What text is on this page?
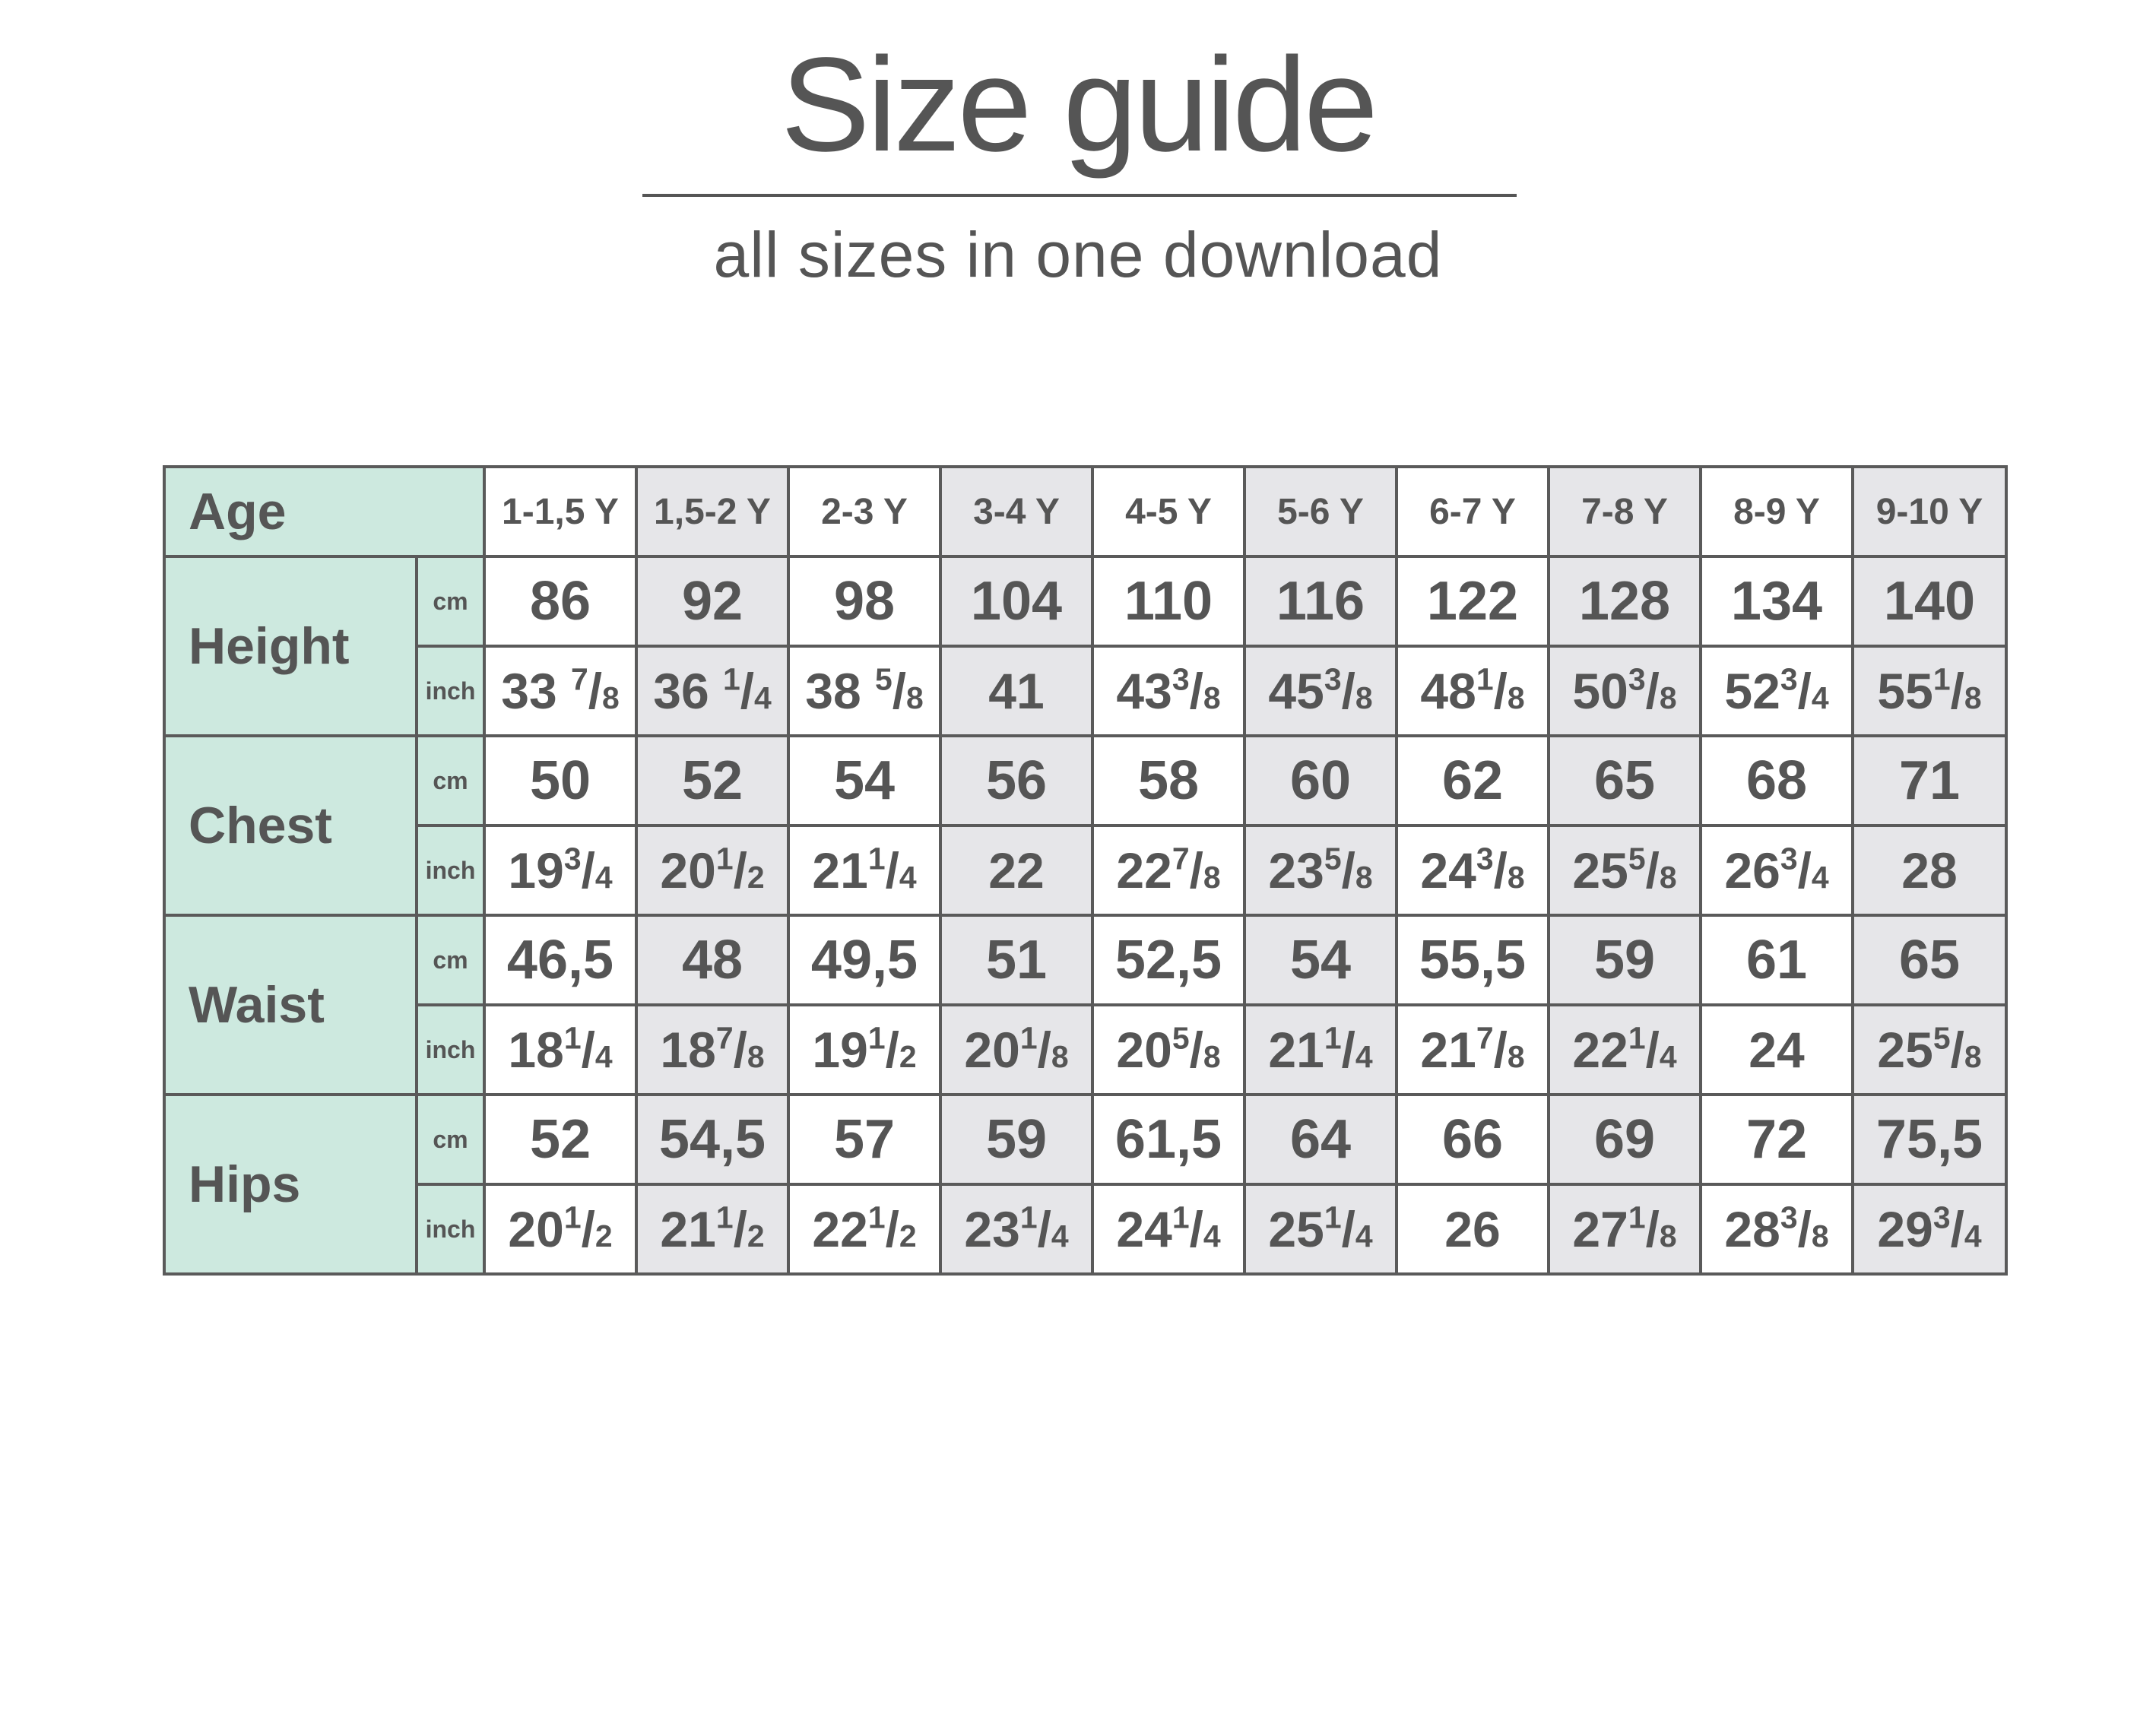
Size guide
all sizes in one download
Age		1-1,5 Y	1,5-2 Y	2-3 Y	3-4 Y	4-5 Y	5-6 Y	6-7 Y	7-8 Y	8-9 Y	9-10 Y
Height	cm	86	92	98	104	110	116	122	128	134	140
	inch	33 $^7$/8	36 $^1$/4	38 $^5$/8	41	$43^3/8$	$45^3/8$	$48^1/8$	$50^3/8$	$52^3/4$	$55^1/8$
Chest	cm	50	52	54	56	58	60	62	65	68	71
	inch	$19^3/4$	$20^1/2$	$21^1/4$	22	$22^7/8$	$23^5/8$	$24^3/8$	$25^5/8$	$26^3/4$	28
Waist	cm	46,5	48	49,5	51	52,5	54	55,5	59	61	65
	inch	$18^1/4$	$18^7/8$	$19^1/2$	$20^1/8$	$20^5/8$	$21^1/4$	$21^7/8$	$22^1/4$	24	$25^5/8$
Hips	cm	52	54,5	57	59	61,5	64	66	69	72	75,5
	inch	$20^1/2$	$21^1/2$	$22^1/2$	$23^1/4$	$24^1/4$	$25^1/4$	26	$27^1/8$	$28^3/8$	$29^3/4$
